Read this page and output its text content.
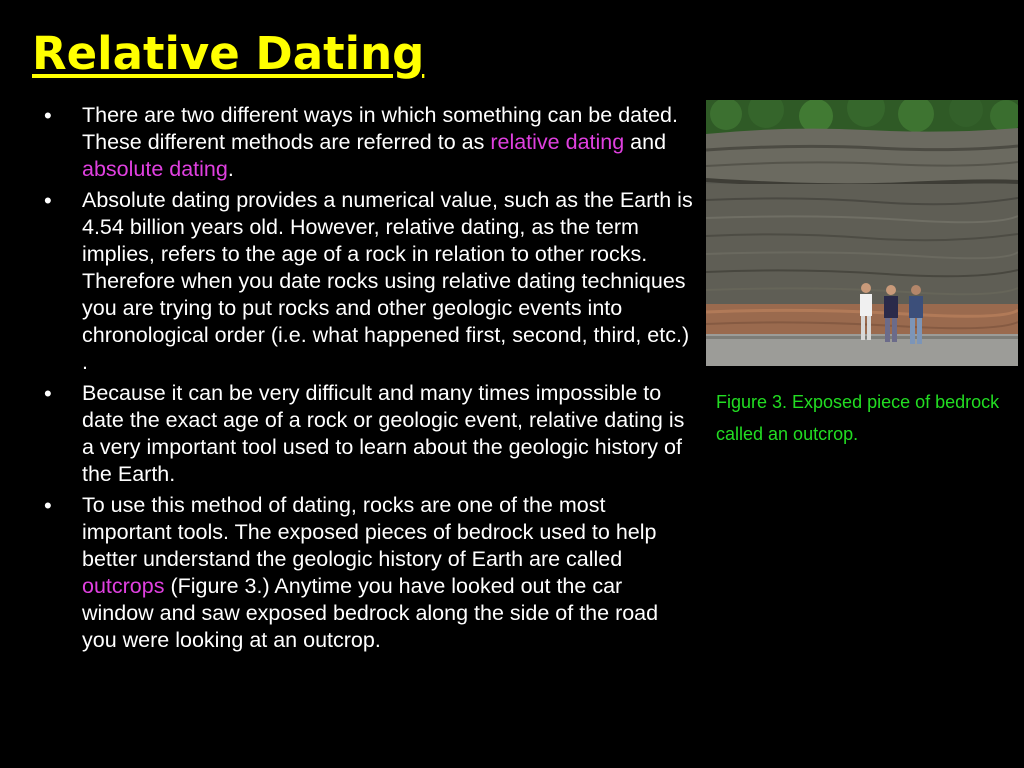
Relative Dating
• There are two different ways in which something can be dated. These different methods are referred to as relative dating and absolute dating.
• Absolute dating provides a numerical value, such as the Earth is 4.54 billion years old. However, relative dating, as the term implies, refers to the age of a rock in relation to other rocks. Therefore when you date rocks using relative dating techniques you are trying to put rocks and other geologic events into chronological order (i.e. what happened first, second, third, etc.) .
• Because it can be very difficult and many times impossible to date the exact age of a rock or geologic event, relative dating is a very important tool used to learn about the geologic history of the Earth.
• To use this method of dating, rocks are one of the most important tools. The exposed pieces of bedrock used to help better understand the geologic history of Earth are called outcrops (Figure 3.) Anytime you have looked out the car window and saw exposed bedrock along the side of the road you were looking at an outcrop.

Figure 3. Exposed piece of bedrock called an outcrop.
